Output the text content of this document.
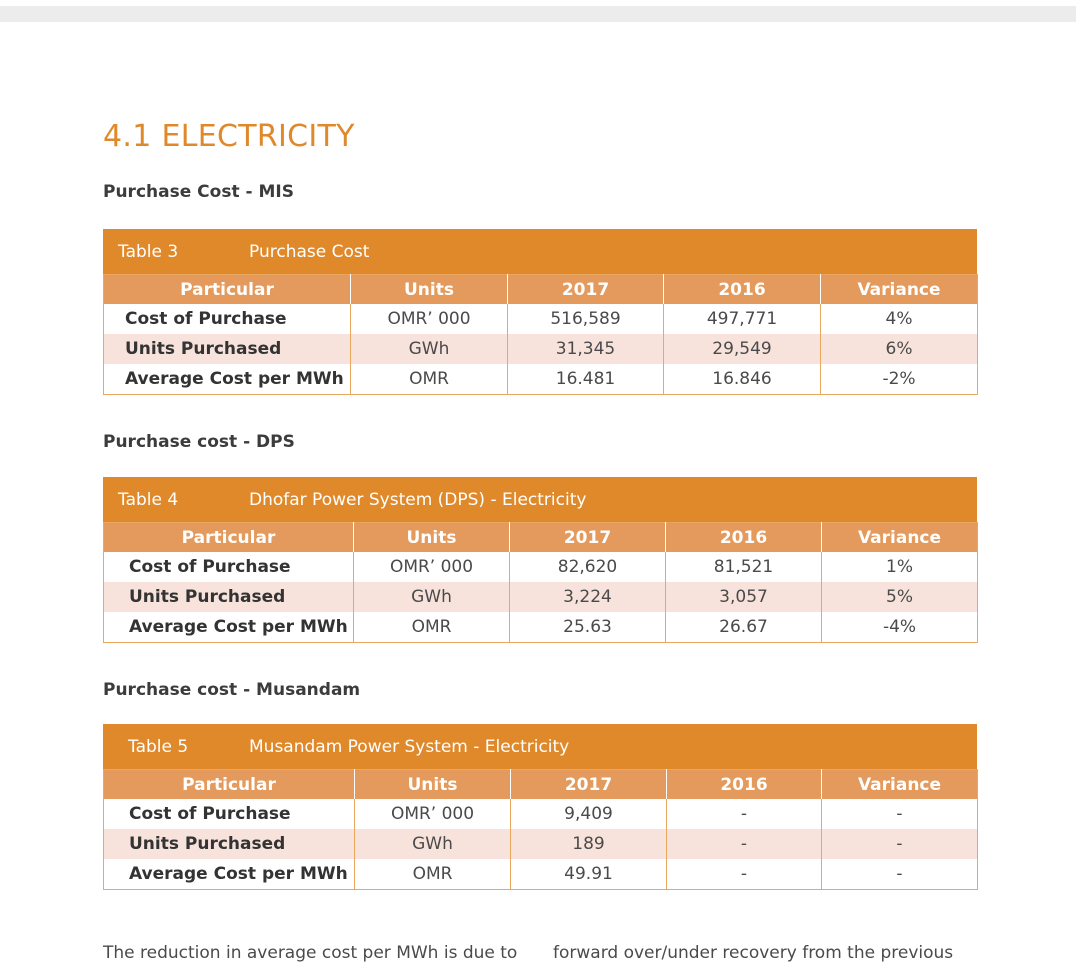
4.1 ELECTRICITY
Purchase Cost - MIS
Table 3	Purchase Cost
Particular	Units	2017	2016	Variance
Cost of Purchase	OMR’ 000	516,589	497,771	4%
Units Purchased	GWh	31,345	29,549	6%
Average Cost per MWh	OMR	16.481	16.846	-2%
Purchase cost - DPS
Table 4	Dhofar Power System (DPS) - Electricity
Particular	Units	2017	2016	Variance
Cost of Purchase	OMR’ 000	82,620	81,521	1%
Units Purchased	GWh	3,224	3,057	5%
Average Cost per MWh	OMR	25.63	26.67	-4%
Purchase cost - Musandam
Table 5	Musandam Power System - Electricity
Particular	Units	2017	2016	Variance
Cost of Purchase	OMR’ 000	9,409	-	-
Units Purchased	GWh	189	-	-
Average Cost per MWh	OMR	49.91	-	-
The reduction in average cost per MWh is due to forward over/under recovery from the previous
